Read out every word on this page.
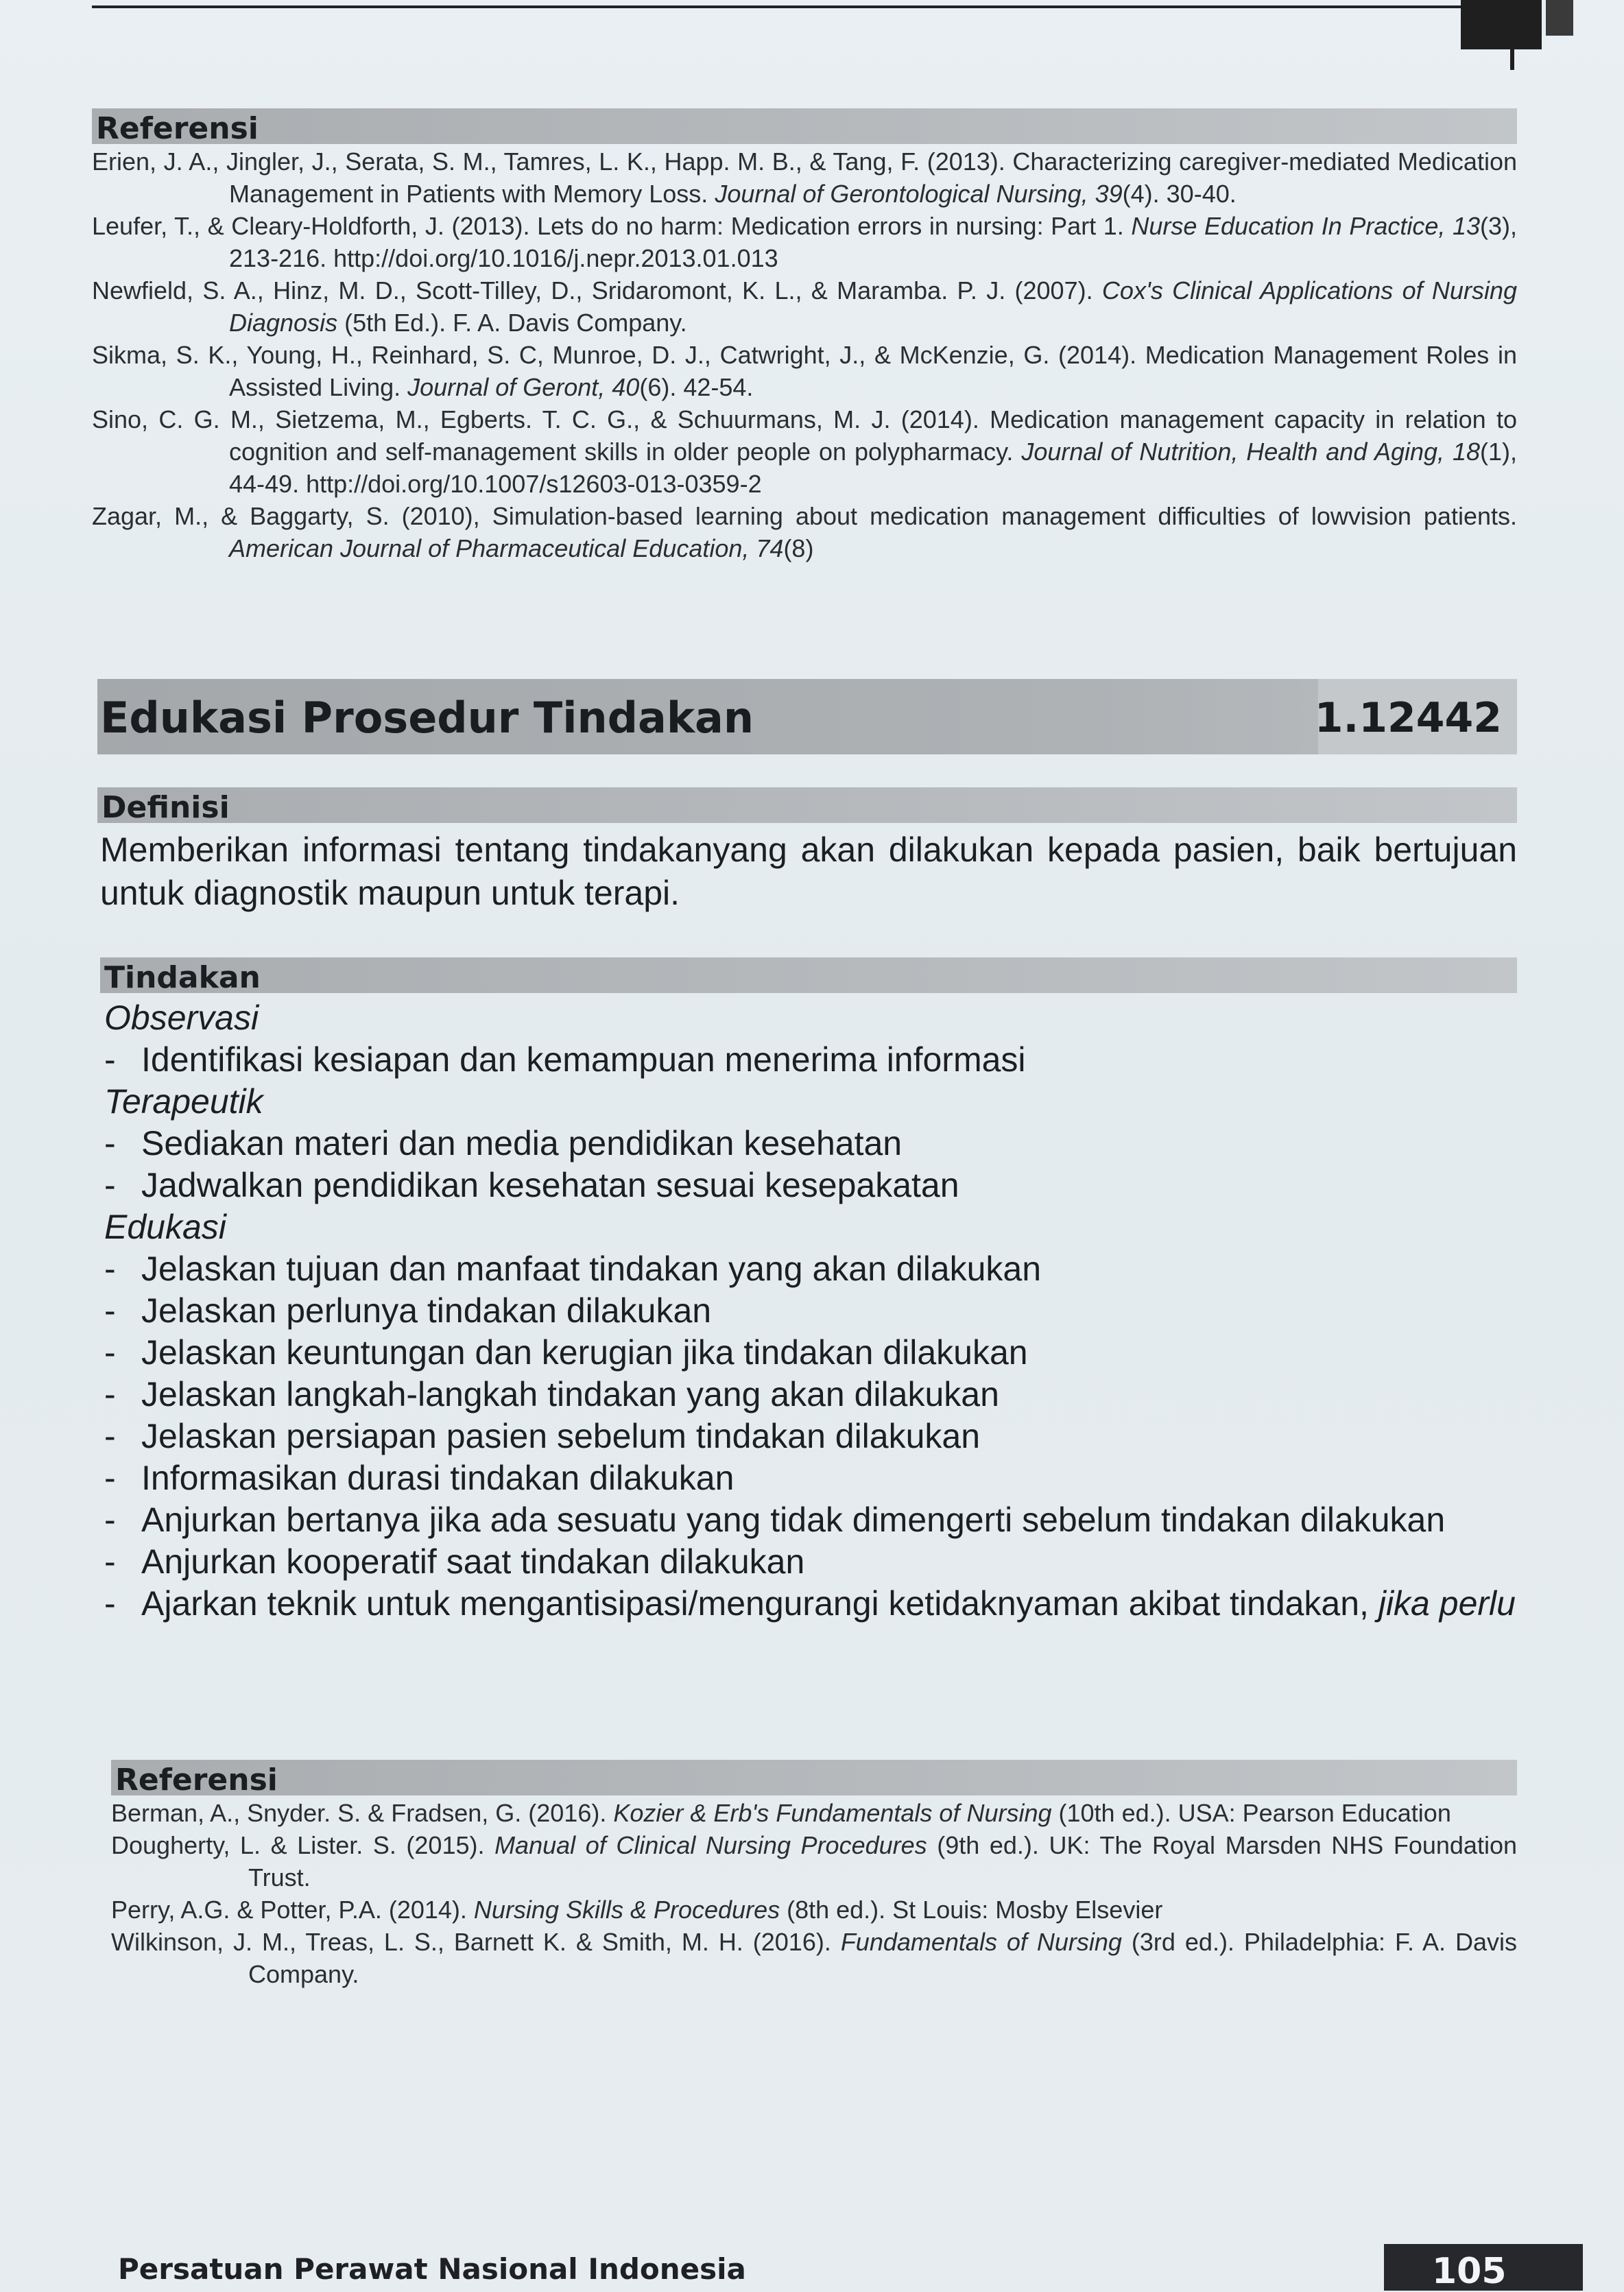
Referensi
Erien, J. A., Jingler, J., Serata, S. M., Tamres, L. K., Happ. M. B., & Tang, F. (2013). Characterizing caregiver-mediated Medication Management in Patients with Memory Loss. Journal of Gerontological Nursing, 39(4). 30-40.
Leufer, T., & Cleary-Holdforth, J. (2013). Lets do no harm: Medication errors in nursing: Part 1. Nurse Education In Practice, 13(3), 213-216. http://doi.org/10.1016/j.nepr.2013.01.013
Newfield, S. A., Hinz, M. D., Scott-Tilley, D., Sridaromont, K. L., & Maramba. P. J. (2007). Cox's Clinical Applications of Nursing Diagnosis (5th Ed.). F. A. Davis Company.
Sikma, S. K., Young, H., Reinhard, S. C, Munroe, D. J., Catwright, J., & McKenzie, G. (2014). Medication Management Roles in Assisted Living. Journal of Geront, 40(6). 42-54.
Sino, C. G. M., Sietzema, M., Egberts. T. C. G., & Schuurmans, M. J. (2014). Medication management capacity in relation to cognition and self-management skills in older people on polypharmacy. Journal of Nutrition, Health and Aging, 18(1), 44-49. http://doi.org/10.1007/s12603-013-0359-2
Zagar, M., & Baggarty, S. (2010), Simulation-based learning about medication management difficulties of lowvision patients. American Journal of Pharmaceutical Education, 74(8)
Edukasi Prosedur Tindakan	1.12442
Definisi
Memberikan informasi tentang tindakanyang akan dilakukan kepada pasien, baik bertujuan untuk diagnostik maupun untuk terapi.
Tindakan
Observasi
- Identifikasi kesiapan dan kemampuan menerima informasi
Terapeutik
- Sediakan materi dan media pendidikan kesehatan
- Jadwalkan pendidikan kesehatan sesuai kesepakatan
Edukasi
- Jelaskan tujuan dan manfaat tindakan yang akan dilakukan
- Jelaskan perlunya tindakan dilakukan
- Jelaskan keuntungan dan kerugian jika tindakan dilakukan
- Jelaskan langkah-langkah tindakan yang akan dilakukan
- Jelaskan persiapan pasien sebelum tindakan dilakukan
- Informasikan durasi tindakan dilakukan
- Anjurkan bertanya jika ada sesuatu yang tidak dimengerti sebelum tindakan dilakukan
- Anjurkan kooperatif saat tindakan dilakukan
- Ajarkan teknik untuk mengantisipasi/mengurangi ketidaknyaman akibat tindakan, jika perlu
Referensi
Berman, A., Snyder. S. & Fradsen, G. (2016). Kozier & Erb's Fundamentals of Nursing (10th ed.). USA: Pearson Education
Dougherty, L. & Lister. S. (2015). Manual of Clinical Nursing Procedures (9th ed.). UK: The Royal Marsden NHS Foundation Trust.
Perry, A.G. & Potter, P.A. (2014). Nursing Skills & Procedures (8th ed.). St Louis: Mosby Elsevier
Wilkinson, J. M., Treas, L. S., Barnett K. & Smith, M. H. (2016). Fundamentals of Nursing (3rd ed.). Philadelphia: F. A. Davis Company.
Persatuan Perawat Nasional Indonesia	105
